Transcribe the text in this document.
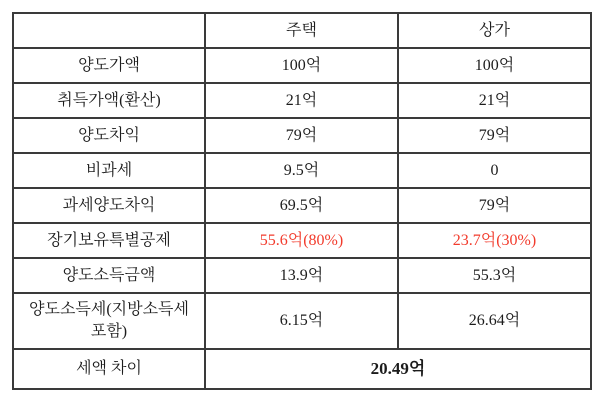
	주택	상가
양도가액	100억	100억
취득가액(환산)	21억	21억
양도차익	79억	79억
비과세	9.5억	0
과세양도차익	69.5억	79억
장기보유특별공제	55.6억(80%)	23.7억(30%)
양도소득금액	13.9억	55.3억
양도소득세(지방소득세 포함)	6.15억	26.64억
세액 차이	20.49억	
